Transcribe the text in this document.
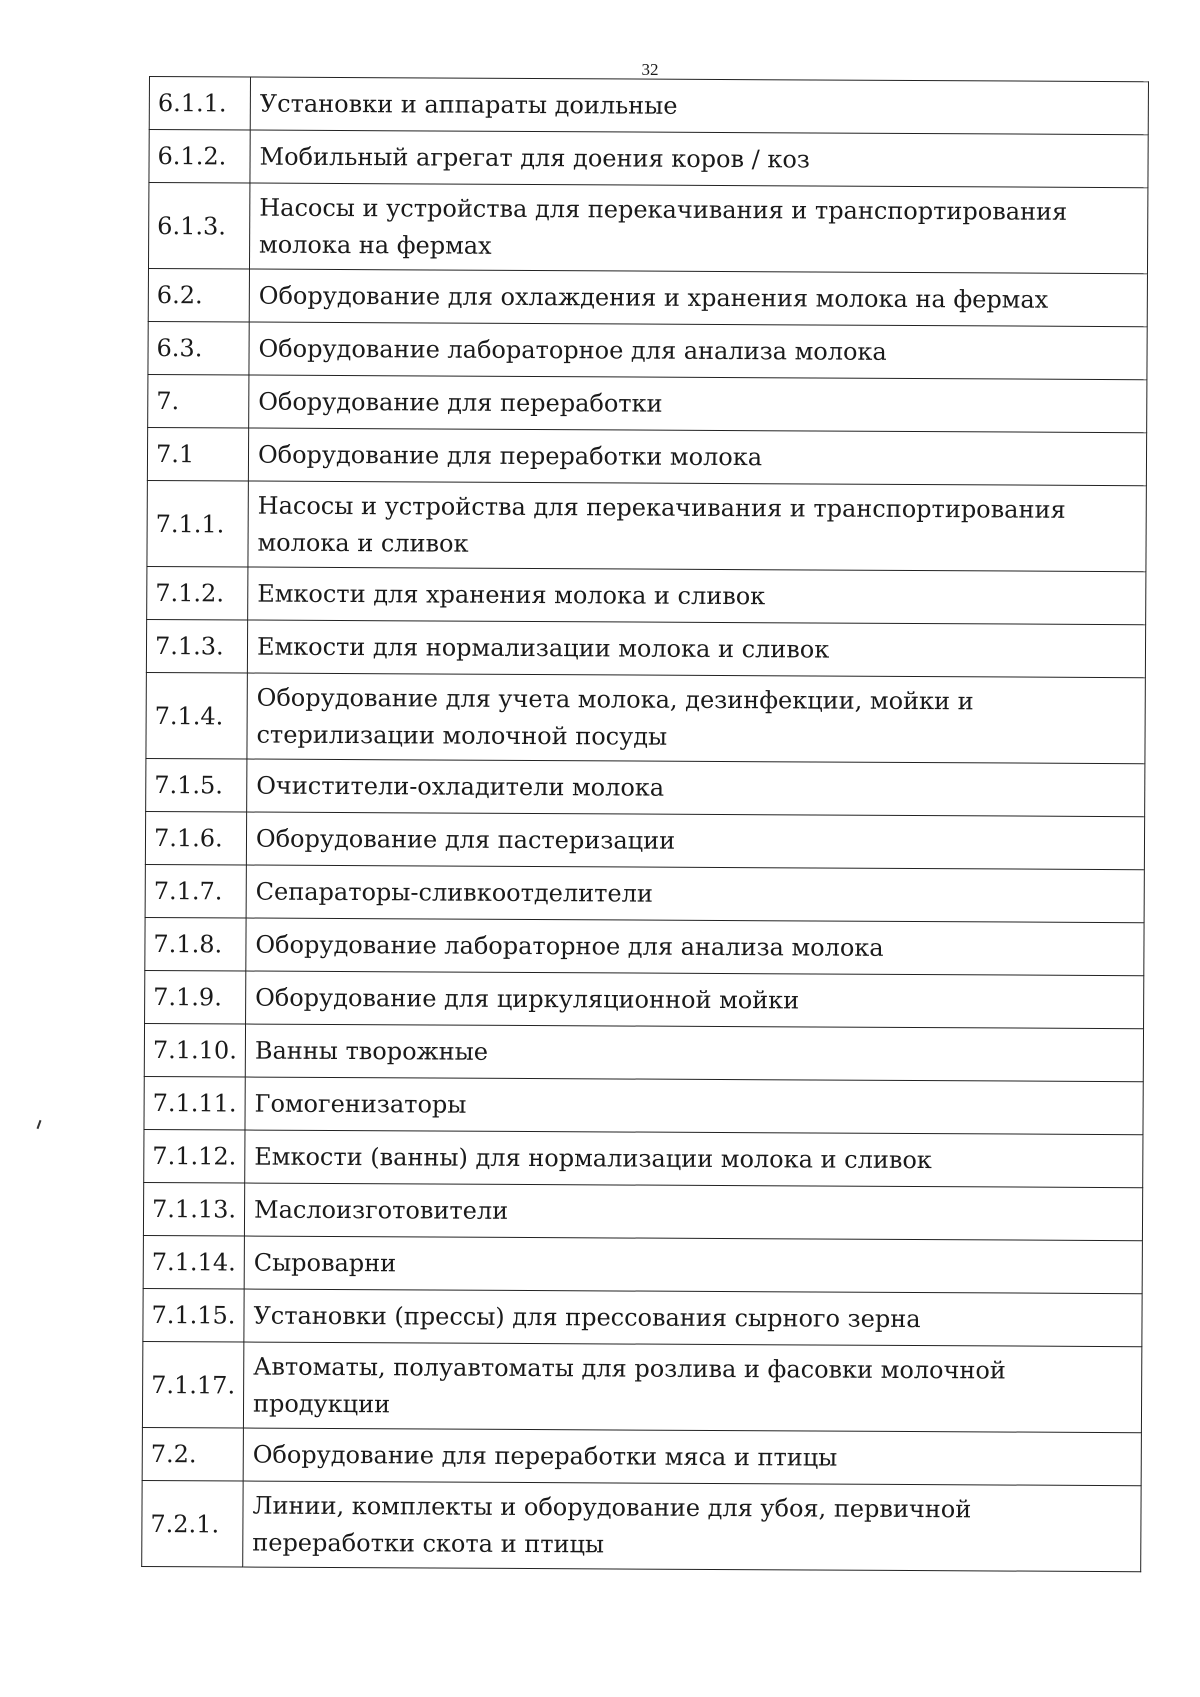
32
6.1.1.	Установки и аппараты доильные
6.1.2.	Мобильный агрегат для доения коров / коз
6.1.3.	Насосы и устройства для перекачивания и транспортирования молока на фермах
6.2.	Оборудование для охлаждения и хранения молока на фермах
6.3.	Оборудование лабораторное для анализа молока
7.	Оборудование для переработки
7.1	Оборудование для переработки молока
7.1.1.	Насосы и устройства для перекачивания и транспортирования молока и сливок
7.1.2.	Емкости для хранения молока и сливок
7.1.3.	Емкости для нормализации молока и сливок
7.1.4.	Оборудование для учета молока, дезинфекции, мойки и стерилизации молочной посуды
7.1.5.	Очистители-охладители молока
7.1.6.	Оборудование для пастеризации
7.1.7.	Сепараторы-сливкоотделители
7.1.8.	Оборудование лабораторное для анализа молока
7.1.9.	Оборудование для циркуляционной мойки
7.1.10.	Ванны творожные
7.1.11.	Гомогенизаторы
7.1.12.	Емкости (ванны) для нормализации молока и сливок
7.1.13.	Маслоизготовители
7.1.14.	Сыроварни
7.1.15.	Установки (прессы) для прессования сырного зерна
7.1.17.	Автоматы, полуавтоматы для розлива и фасовки молочной продукции
7.2.	Оборудование для переработки мяса и птицы
7.2.1.	Линии, комплекты и оборудование для убоя, первичной переработки скота и птицы
